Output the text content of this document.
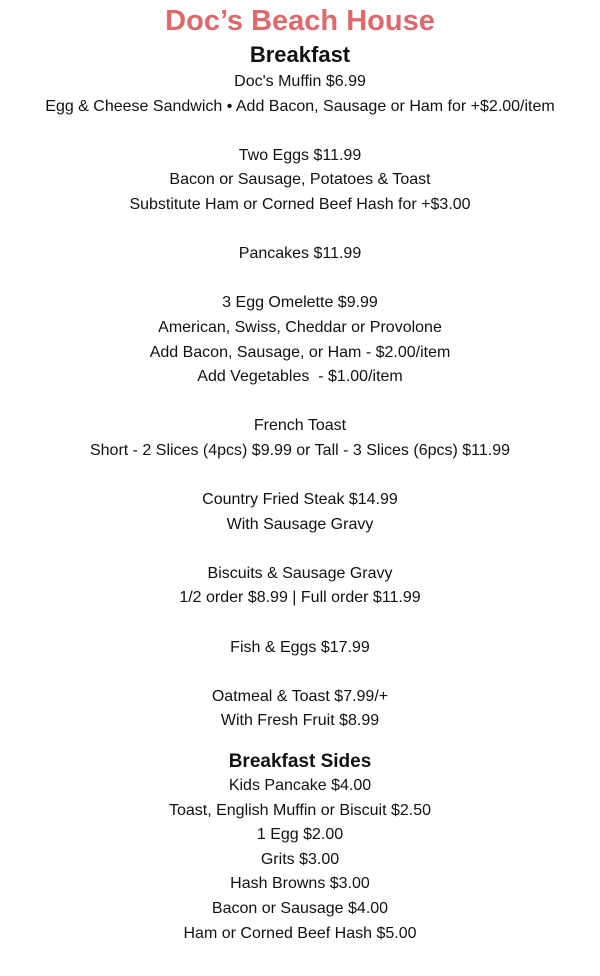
Doc’s Beach House
Breakfast

Doc's Muffin $6.99

Egg & Cheese Sandwich • Add Bacon, Sausage or Ham for +$2.00/item

Two Eggs $11.99

Bacon or Sausage, Potatoes & Toast

Substitute Ham or Corned Beef Hash for +$3.00

Pancakes $11.99

3 Egg Omelette $9.99

American, Swiss, Cheddar or Provolone

Add Bacon, Sausage, or Ham - $2.00/item

Add Vegetables  - $1.00/item

French Toast

Short - 2 Slices (4pcs) $9.99 or Tall - 3 Slices (6pcs) $11.99

Country Fried Steak $14.99

With Sausage Gravy

Biscuits & Sausage Gravy

1/2 order $8.99 | Full order $11.99

Fish & Eggs $17.99

Oatmeal & Toast $7.99/+

With Fresh Fruit $8.99

Breakfast Sides

Kids Pancake $4.00

Toast, English Muffin or Biscuit $2.50

1 Egg $2.00

Grits $3.00

Hash Browns $3.00

Bacon or Sausage $4.00

Ham or Corned Beef Hash $5.00
